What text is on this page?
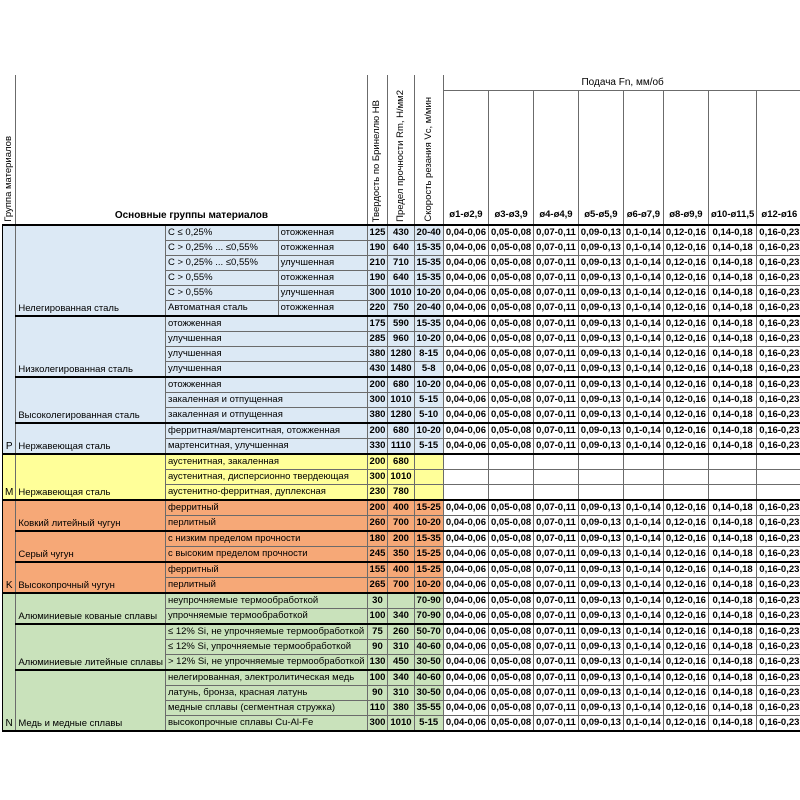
Группа материалов	Основные группы материалов			Твердость по Бринеллю HB	Предел прочности Rm, Н/мм2	Скорость резания Vc, м/мин	Подача Fn, мм/об							
							ø1-ø2,9	ø3-ø3,9	ø4-ø4,9	ø5-ø5,9	ø6-ø7,9	ø8-ø9,9	ø10-ø11,5	ø12-ø16
P	Нелегированная сталь	C ≤ 0,25%	отожженная	125	430	20-40	0,04-0,06	0,05-0,08	0,07-0,11	0,09-0,13	0,1-0,14	0,12-0,16	0,14-0,18	0,16-0,23
		C > 0,25% ... ≤0,55%	отожженная	190	640	15-35	0,04-0,06	0,05-0,08	0,07-0,11	0,09-0,13	0,1-0,14	0,12-0,16	0,14-0,18	0,16-0,23
		C > 0,25% ... ≤0,55%	улучшенная	210	710	15-35	0,04-0,06	0,05-0,08	0,07-0,11	0,09-0,13	0,1-0,14	0,12-0,16	0,14-0,18	0,16-0,23
		C > 0,55%	отожженная	190	640	15-35	0,04-0,06	0,05-0,08	0,07-0,11	0,09-0,13	0,1-0,14	0,12-0,16	0,14-0,18	0,16-0,23
		C > 0,55%	улучшенная	300	1010	10-20	0,04-0,06	0,05-0,08	0,07-0,11	0,09-0,13	0,1-0,14	0,12-0,16	0,14-0,18	0,16-0,23
		Автоматная сталь	отожженная	220	750	20-40	0,04-0,06	0,05-0,08	0,07-0,11	0,09-0,13	0,1-0,14	0,12-0,16	0,14-0,18	0,16-0,23
	Низколегированная сталь	отожженная		175	590	15-35	0,04-0,06	0,05-0,08	0,07-0,11	0,09-0,13	0,1-0,14	0,12-0,16	0,14-0,18	0,16-0,23
		улучшенная		285	960	10-20	0,04-0,06	0,05-0,08	0,07-0,11	0,09-0,13	0,1-0,14	0,12-0,16	0,14-0,18	0,16-0,23
		улучшенная		380	1280	8-15	0,04-0,06	0,05-0,08	0,07-0,11	0,09-0,13	0,1-0,14	0,12-0,16	0,14-0,18	0,16-0,23
		улучшенная		430	1480	5-8	0,04-0,06	0,05-0,08	0,07-0,11	0,09-0,13	0,1-0,14	0,12-0,16	0,14-0,18	0,16-0,23
	Высоколегированная сталь	отожженная		200	680	10-20	0,04-0,06	0,05-0,08	0,07-0,11	0,09-0,13	0,1-0,14	0,12-0,16	0,14-0,18	0,16-0,23
		закаленная и отпущенная		300	1010	5-15	0,04-0,06	0,05-0,08	0,07-0,11	0,09-0,13	0,1-0,14	0,12-0,16	0,14-0,18	0,16-0,23
		закаленная и отпущенная		380	1280	5-10	0,04-0,06	0,05-0,08	0,07-0,11	0,09-0,13	0,1-0,14	0,12-0,16	0,14-0,18	0,16-0,23
	Нержавеющая сталь	ферритная/мартенситная, отожженная		200	680	10-20	0,04-0,06	0,05-0,08	0,07-0,11	0,09-0,13	0,1-0,14	0,12-0,16	0,14-0,18	0,16-0,23
		мартенситная, улучшенная		330	1110	5-15	0,04-0,06	0,05-0,08	0,07-0,11	0,09-0,13	0,1-0,14	0,12-0,16	0,14-0,18	0,16-0,23
M	Нержавеющая сталь	аустенитная, закаленная		200	680									
		аустенитная, дисперсионно твердеющая		300	1010									
		аустенитно-ферритная, дуплексная		230	780									
K	Ковкий литейный чугун	ферритный		200	400	15-25	0,04-0,06	0,05-0,08	0,07-0,11	0,09-0,13	0,1-0,14	0,12-0,16	0,14-0,18	0,16-0,23
		перлитный		260	700	10-20	0,04-0,06	0,05-0,08	0,07-0,11	0,09-0,13	0,1-0,14	0,12-0,16	0,14-0,18	0,16-0,23
	Серый чугун	с низким пределом прочности		180	200	15-35	0,04-0,06	0,05-0,08	0,07-0,11	0,09-0,13	0,1-0,14	0,12-0,16	0,14-0,18	0,16-0,23
		с высоким пределом прочности		245	350	15-25	0,04-0,06	0,05-0,08	0,07-0,11	0,09-0,13	0,1-0,14	0,12-0,16	0,14-0,18	0,16-0,23
	Высокопрочный чугун	ферритный		155	400	15-25	0,04-0,06	0,05-0,08	0,07-0,11	0,09-0,13	0,1-0,14	0,12-0,16	0,14-0,18	0,16-0,23
		перлитный		265	700	10-20	0,04-0,06	0,05-0,08	0,07-0,11	0,09-0,13	0,1-0,14	0,12-0,16	0,14-0,18	0,16-0,23
N	Алюминиевые кованые сплавы	неупрочняемые термообработкой		30		70-90	0,04-0,06	0,05-0,08	0,07-0,11	0,09-0,13	0,1-0,14	0,12-0,16	0,14-0,18	0,16-0,23
		упрочняемые термообработкой		100	340	70-90	0,04-0,06	0,05-0,08	0,07-0,11	0,09-0,13	0,1-0,14	0,12-0,16	0,14-0,18	0,16-0,23
	Алюминиевые литейные сплавы	≤ 12% Si, не упрочняемые термообработкой		75	260	50-70	0,04-0,06	0,05-0,08	0,07-0,11	0,09-0,13	0,1-0,14	0,12-0,16	0,14-0,18	0,16-0,23
		≤ 12% Si, упрочняемые термообработкой		90	310	40-60	0,04-0,06	0,05-0,08	0,07-0,11	0,09-0,13	0,1-0,14	0,12-0,16	0,14-0,18	0,16-0,23
		> 12% Si, не упрочняемые термообработкой		130	450	30-50	0,04-0,06	0,05-0,08	0,07-0,11	0,09-0,13	0,1-0,14	0,12-0,16	0,14-0,18	0,16-0,23
	Медь и медные сплавы	нелегированная, электролитическая медь		100	340	40-60	0,04-0,06	0,05-0,08	0,07-0,11	0,09-0,13	0,1-0,14	0,12-0,16	0,14-0,18	0,16-0,23
		латунь, бронза, красная латунь		90	310	30-50	0,04-0,06	0,05-0,08	0,07-0,11	0,09-0,13	0,1-0,14	0,12-0,16	0,14-0,18	0,16-0,23
		медные сплавы (сегментная стружка)		110	380	35-55	0,04-0,06	0,05-0,08	0,07-0,11	0,09-0,13	0,1-0,14	0,12-0,16	0,14-0,18	0,16-0,23
		высокопрочные сплавы Cu-Al-Fe		300	1010	5-15	0,04-0,06	0,05-0,08	0,07-0,11	0,09-0,13	0,1-0,14	0,12-0,16	0,14-0,18	0,16-0,23
